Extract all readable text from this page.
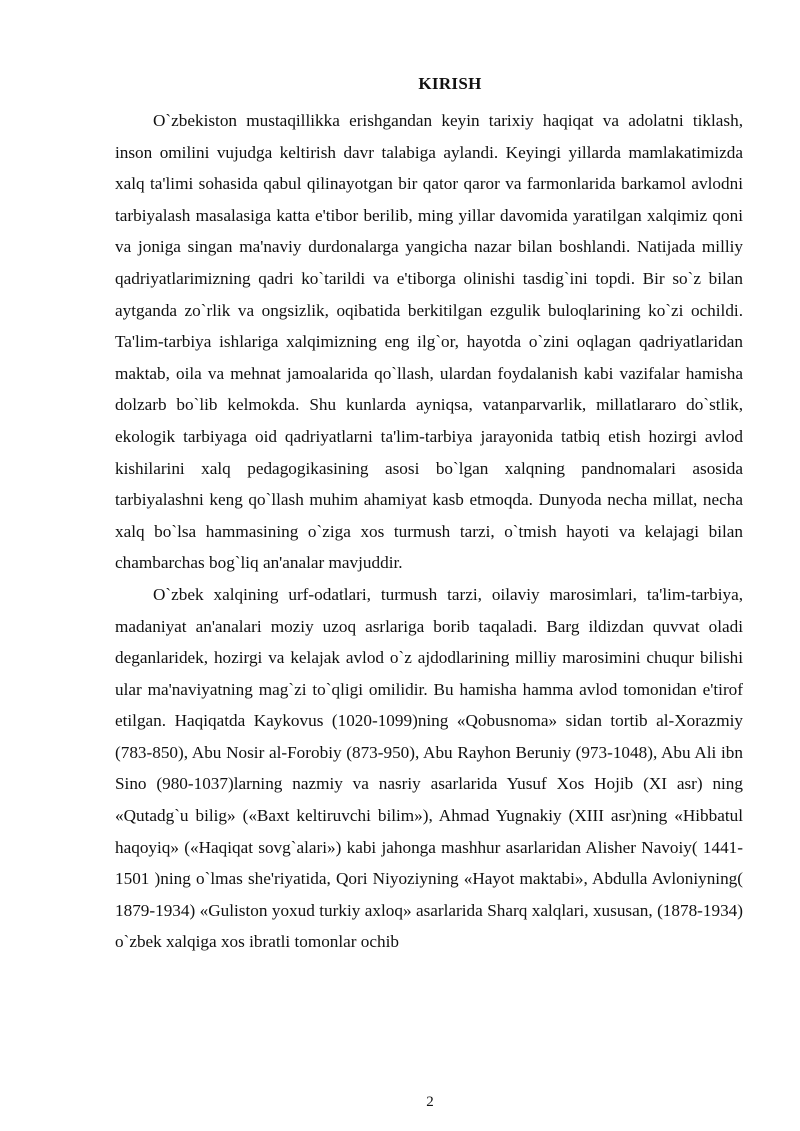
KIRISH

O`zbekiston mustaqillikka erishgandan keyin tarixiy haqiqat va adolatni tiklash, inson omilini vujudga keltirish davr talabiga aylandi. Keyingi yillarda mamlakatimizda xalq ta'limi sohasida qabul qilinayotgan bir qator qaror va farmonlarida barkamol avlodni tarbiyalash masalasiga katta e'tibor berilib, ming yillar davomida yaratilgan xalqimiz qoni va joniga singan ma'naviy durdonalarga yangicha nazar bilan boshlandi. Natijada milliy qadriyatlarimizning qadri ko`tarildi va e'tiborga olinishi tasdig`ini topdi. Bir so`z bilan aytganda zo`rlik va ongsizlik, oqibatida berkitilgan ezgulik buloqlarining ko`zi ochildi. Ta'lim-tarbiya ishlariga xalqimizning eng ilg`or, hayotda o`zini oqlagan qadriyatlaridan maktab, oila va mehnat jamoalarida qo`llash, ulardan foydalanish kabi vazifalar hamisha dolzarb bo`lib kelmokda. Shu kunlarda ayniqsa, vatanparvarlik, millatlararo do`stlik, ekologik tarbiyaga oid qadriyatlarni ta'lim-tarbiya jarayonida tatbiq etish hozirgi avlod kishilarini xalq pedagogikasining asosi bo`lgan xalqning pandnomalari asosida tarbiyalashni keng qo`llash muhim ahamiyat kasb etmoqda. Dunyoda necha millat, necha xalq bo`lsa hammasining o`ziga xos turmush tarzi, o`tmish hayoti va kelajagi bilan chambarchas bog`liq an'analar mavjuddir.

O`zbek xalqining urf-odatlari, turmush tarzi, oilaviy marosimlari, ta'lim-tarbiya, madaniyat an'analari moziy uzoq asrlariga borib taqaladi. Barg ildizdan quvvat oladi deganlaridek, hozirgi va kelajak avlod o`z ajdodlarining milliy marosimini chuqur bilishi ular ma'naviyatning mag`zi to`qligi omilidir. Bu hamisha hamma avlod tomonidan e'tirof etilgan. Haqiqatda Kaykovus (1020-1099)ning «Qobusnoma» sidan tortib al-Xorazmiy (783-850), Abu Nosir al-Forobiy (873-950), Abu Rayhon Beruniy (973-1048), Abu Ali ibn Sino (980-1037)larning nazmiy va nasriy asarlarida Yusuf Xos Hojib (XI asr) ning «Qutadg`u bilig» («Baxt keltiruvchi bilim»), Ahmad Yugnakiy (XIII asr)ning «Hibbatul haqoyiq» («Haqiqat sovg`alari») kabi jahonga mashhur asarlaridan Alisher Navoiy( 1441-1501 )ning o`lmas she'riyatida, Qori Niyoziyning «Hayot maktabi», Abdulla Avloniyning( 1879-1934) «Guliston yoxud turkiy axloq» asarlarida Sharq xalqlari, xususan, (1878-1934) o`zbek xalqiga xos ibratli tomonlar ochib

2
